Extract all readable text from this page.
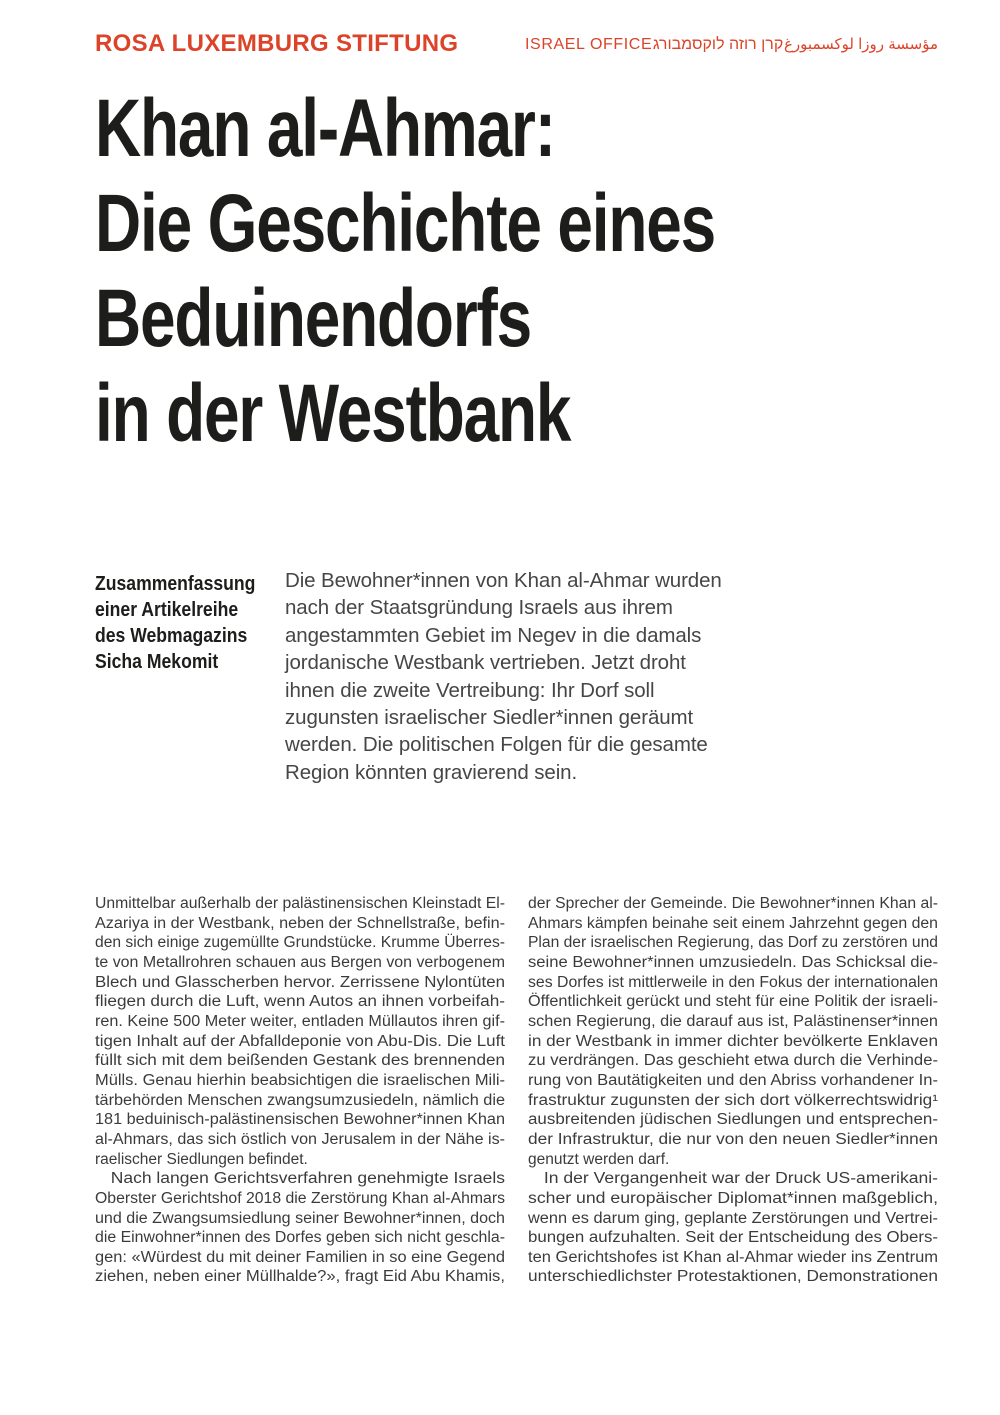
ROSA LUXEMBURG STIFTUNG	ISRAEL OFFICE קרן רוזה לוקסמבורג مؤسسة روزا لوكسمبورغ
Khan al-Ahmar:
Die Geschichte eines
Beduinendorfs
in der Westbank
Zusammenfassung
einer Artikelreihe
des Webmagazins
Sicha Mekomit
Die Bewohner*innen von Khan al-Ahmar wurden
nach der Staatsgründung Israels aus ihrem
angestammten Gebiet im Negev in die damals
jordanische Westbank vertrieben. Jetzt droht
ihnen die zweite Vertreibung: Ihr Dorf soll
zugunsten israelischer Siedler*innen geräumt
werden. Die politischen Folgen für die gesamte
Region könnten gravierend sein.
Unmittelbar außerhalb der palästinensischen Kleinstadt El-
Azariya in der Westbank, neben der Schnellstraße, befin-
den sich einige zugemüllte Grundstücke. Krumme Überres-
te von Metallrohren schauen aus Bergen von verbogenem
Blech und Glasscherben hervor. Zerrissene Nylontüten
fliegen durch die Luft, wenn Autos an ihnen vorbeifah-
ren. Keine 500 Meter weiter, entladen Müllautos ihren gif-
tigen Inhalt auf der Abfalldeponie von Abu-Dis. Die Luft
füllt sich mit dem beißenden Gestank des brennenden
Mülls. Genau hierhin beabsichtigen die israelischen Mili-
tärbehörden Menschen zwangsumzusiedeln, nämlich die
181 beduinisch-palästinensischen Bewohner*innen Khan
al-Ahmars, das sich östlich von Jerusalem in der Nähe is-
raelischer Siedlungen befindet.
Nach langen Gerichtsverfahren genehmigte Israels
Oberster Gerichtshof 2018 die Zerstörung Khan al-Ahmars
und die Zwangsumsiedlung seiner Bewohner*innen, doch
die Einwohner*innen des Dorfes geben sich nicht geschla-
gen: «Würdest du mit deiner Familien in so eine Gegend
ziehen, neben einer Müllhalde?», fragt Eid Abu Khamis,
der Sprecher der Gemeinde. Die Bewohner*innen Khan al-
Ahmars kämpfen beinahe seit einem Jahrzehnt gegen den
Plan der israelischen Regierung, das Dorf zu zerstören und
seine Bewohner*innen umzusiedeln. Das Schicksal die-
ses Dorfes ist mittlerweile in den Fokus der internationalen
Öffentlichkeit gerückt und steht für eine Politik der israeli-
schen Regierung, die darauf aus ist, Palästinenser*innen
in der Westbank in immer dichter bevölkerte Enklaven
zu verdrängen. Das geschieht etwa durch die Verhinde-
rung von Bautätigkeiten und den Abriss vorhandener In-
frastruktur zugunsten der sich dort völkerrechtswidrig¹
ausbreitenden jüdischen Siedlungen und entsprechen-
der Infrastruktur, die nur von den neuen Siedler*innen
genutzt werden darf.
In der Vergangenheit war der Druck US-amerikani-
scher und europäischer Diplomat*innen maßgeblich,
wenn es darum ging, geplante Zerstörungen und Vertrei-
bungen aufzuhalten. Seit der Entscheidung des Obers-
ten Gerichtshofes ist Khan al-Ahmar wieder ins Zentrum
unterschiedlichster Protestaktionen, Demonstrationen
